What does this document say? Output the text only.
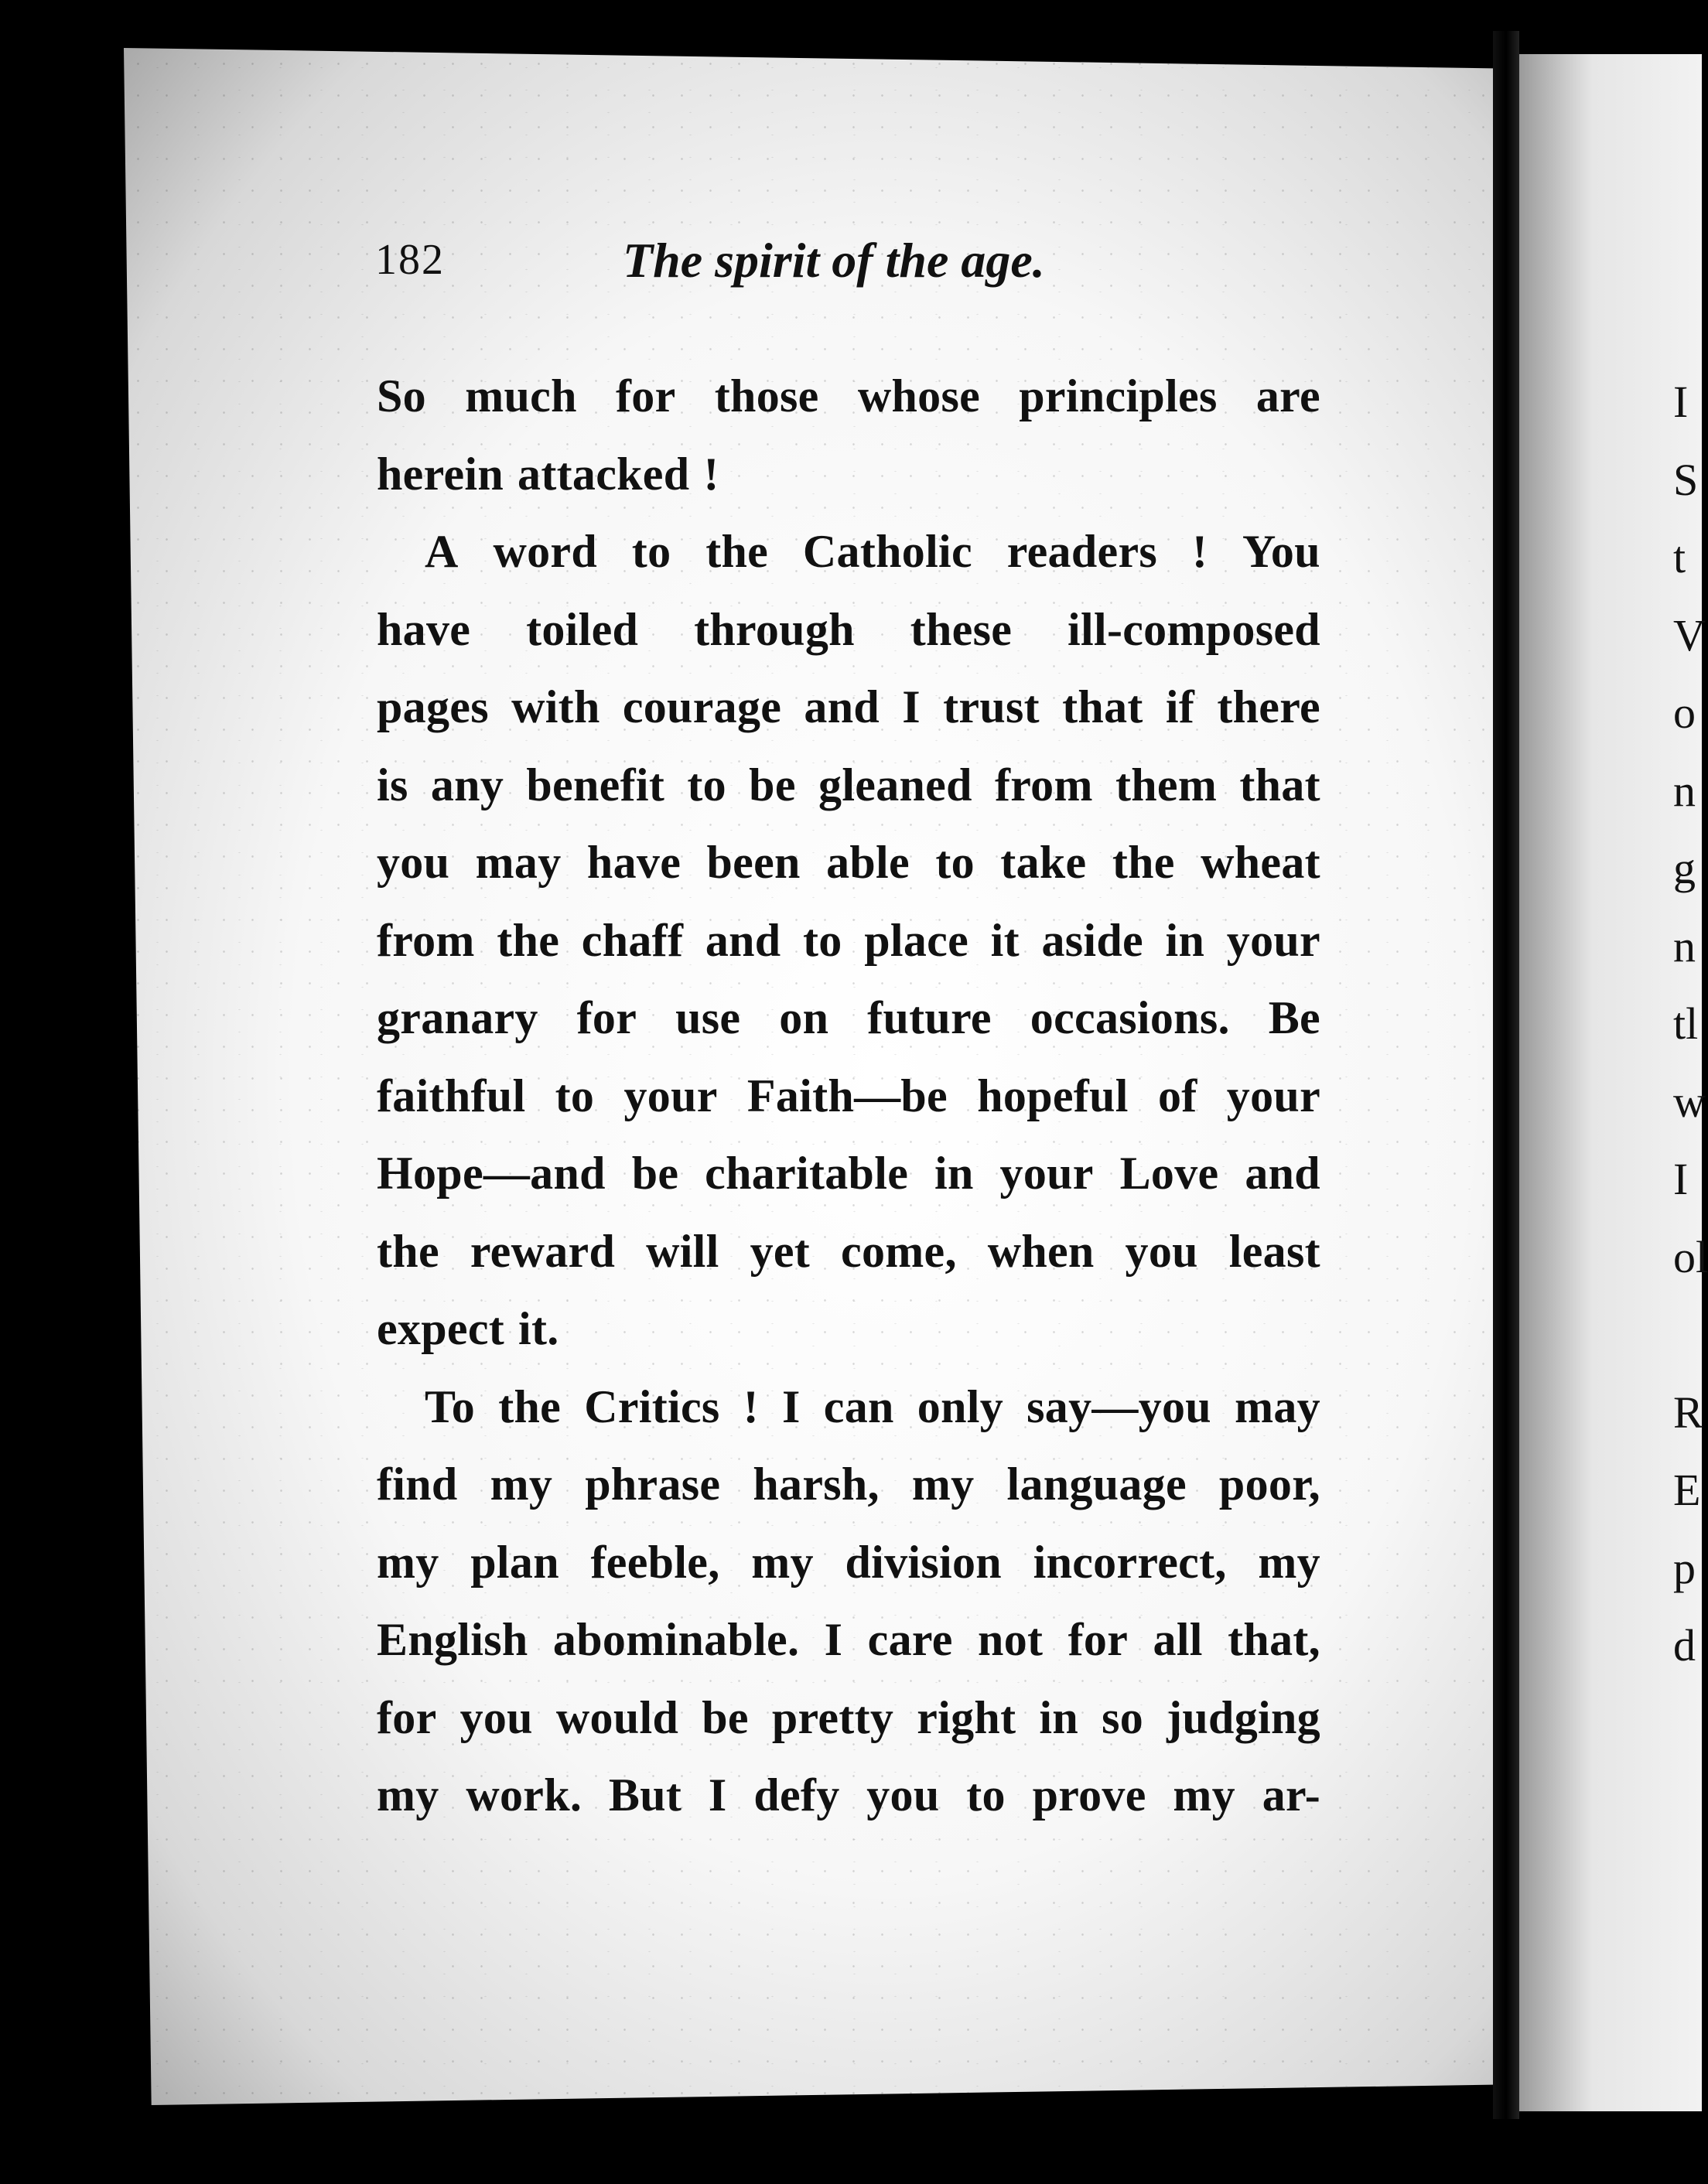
I
S
t
V
o
n
g
n
tl
w
I
ol
R
E
p
d
182	The spirit of the age.
So much for those whose principles are
herein attacked !
A word to the Catholic readers ! You
have toiled through these ill-composed
pages with courage and I trust that if there
is any benefit to be gleaned from them that
you may have been able to take the wheat
from the chaff and to place it aside in your
granary for use on future occasions. Be
faithful to your Faith—be hopeful of your
Hope—and be charitable in your Love and
the reward will yet come, when you least
expect it.
To the Critics ! I can only say—you may
find my phrase harsh, my language poor,
my plan feeble, my division incorrect, my
English abominable. I care not for all that,
for you would be pretty right in so judging
my work. But I defy you to prove my ar-
